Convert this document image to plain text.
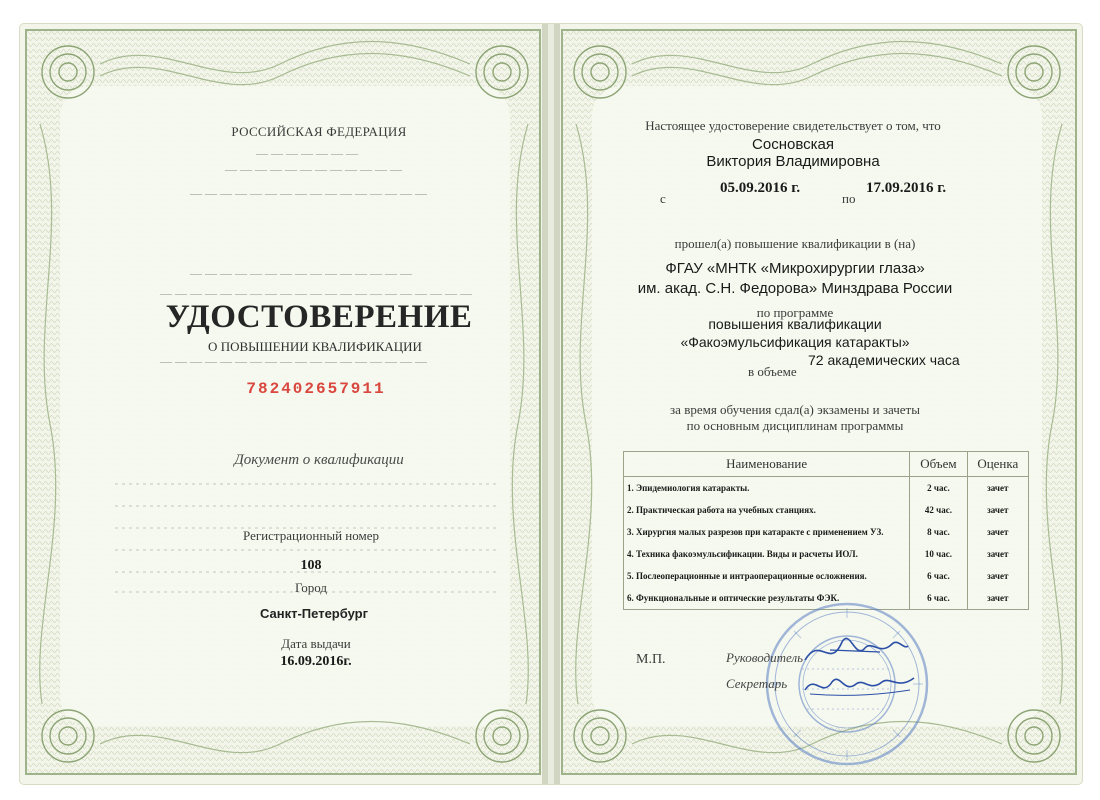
РОССИЙСКАЯ ФЕДЕРАЦИЯ
— — — — — — —
— — — — — — — — — — — —
— — — — — — — — — — — — — — — —
— — — — — — — — — — — — — — —
— — — — — — — — — — — — — — — — — — — — —
— — — — — — — — — — — — — — — — — —
УДОСТОВЕРЕНИЕ
О ПОВЫШЕНИИ КВАЛИФИКАЦИИ
782402657911
Документ о квалификации
Регистрационный номер
108
Город
Санкт-Петербург
Дата выдачи
16.09.2016г.
Настоящее удостоверение свидетельствует о том, что
Сосновская
Виктория Владимировна
с
05.09.2016 г.
по
17.09.2016 г.
прошел(а) повышение квалификации в (на)
ФГАУ «МНТК «Микрохирургии глаза»
им. акад. С.Н. Федорова» Минздрава России
по программе
повышения квалификации
«Факоэмульсификация катаракты»
в объеме
72 академических часа
за время обучения сдал(а) экзамены и зачеты
по основным дисциплинам программы
Наименование	Объем	Оценка
1. Эпидемиология катаракты.	2 час.	зачет
2. Практическая работа на учебных станциях.	42 час.	зачет
3. Хирургия малых разрезов при катаракте с применением УЗ.	8 час.	зачет
4. Техника факоэмульсификации. Виды и расчеты ИОЛ.	10 час.	зачет
5. Послеоперационные и интраоперационные осложнения.	6 час.	зачет
6. Функциональные и оптические результаты ФЭК.	6 час.	зачет
М.П.	Руководитель
Секретарь
